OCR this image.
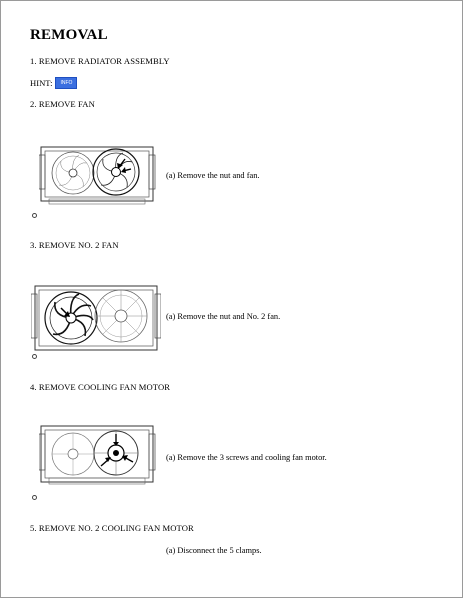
REMOVAL
1. REMOVE RADIATOR ASSEMBLY
HINT:	INFO
2. REMOVE FAN
(a) Remove the nut and fan.
3. REMOVE NO. 2 FAN
(a) Remove the nut and No. 2 fan.
4. REMOVE COOLING FAN MOTOR
(a) Remove the 3 screws and cooling fan motor.
5. REMOVE NO. 2 COOLING FAN MOTOR
(a) Disconnect the 5 clamps.
